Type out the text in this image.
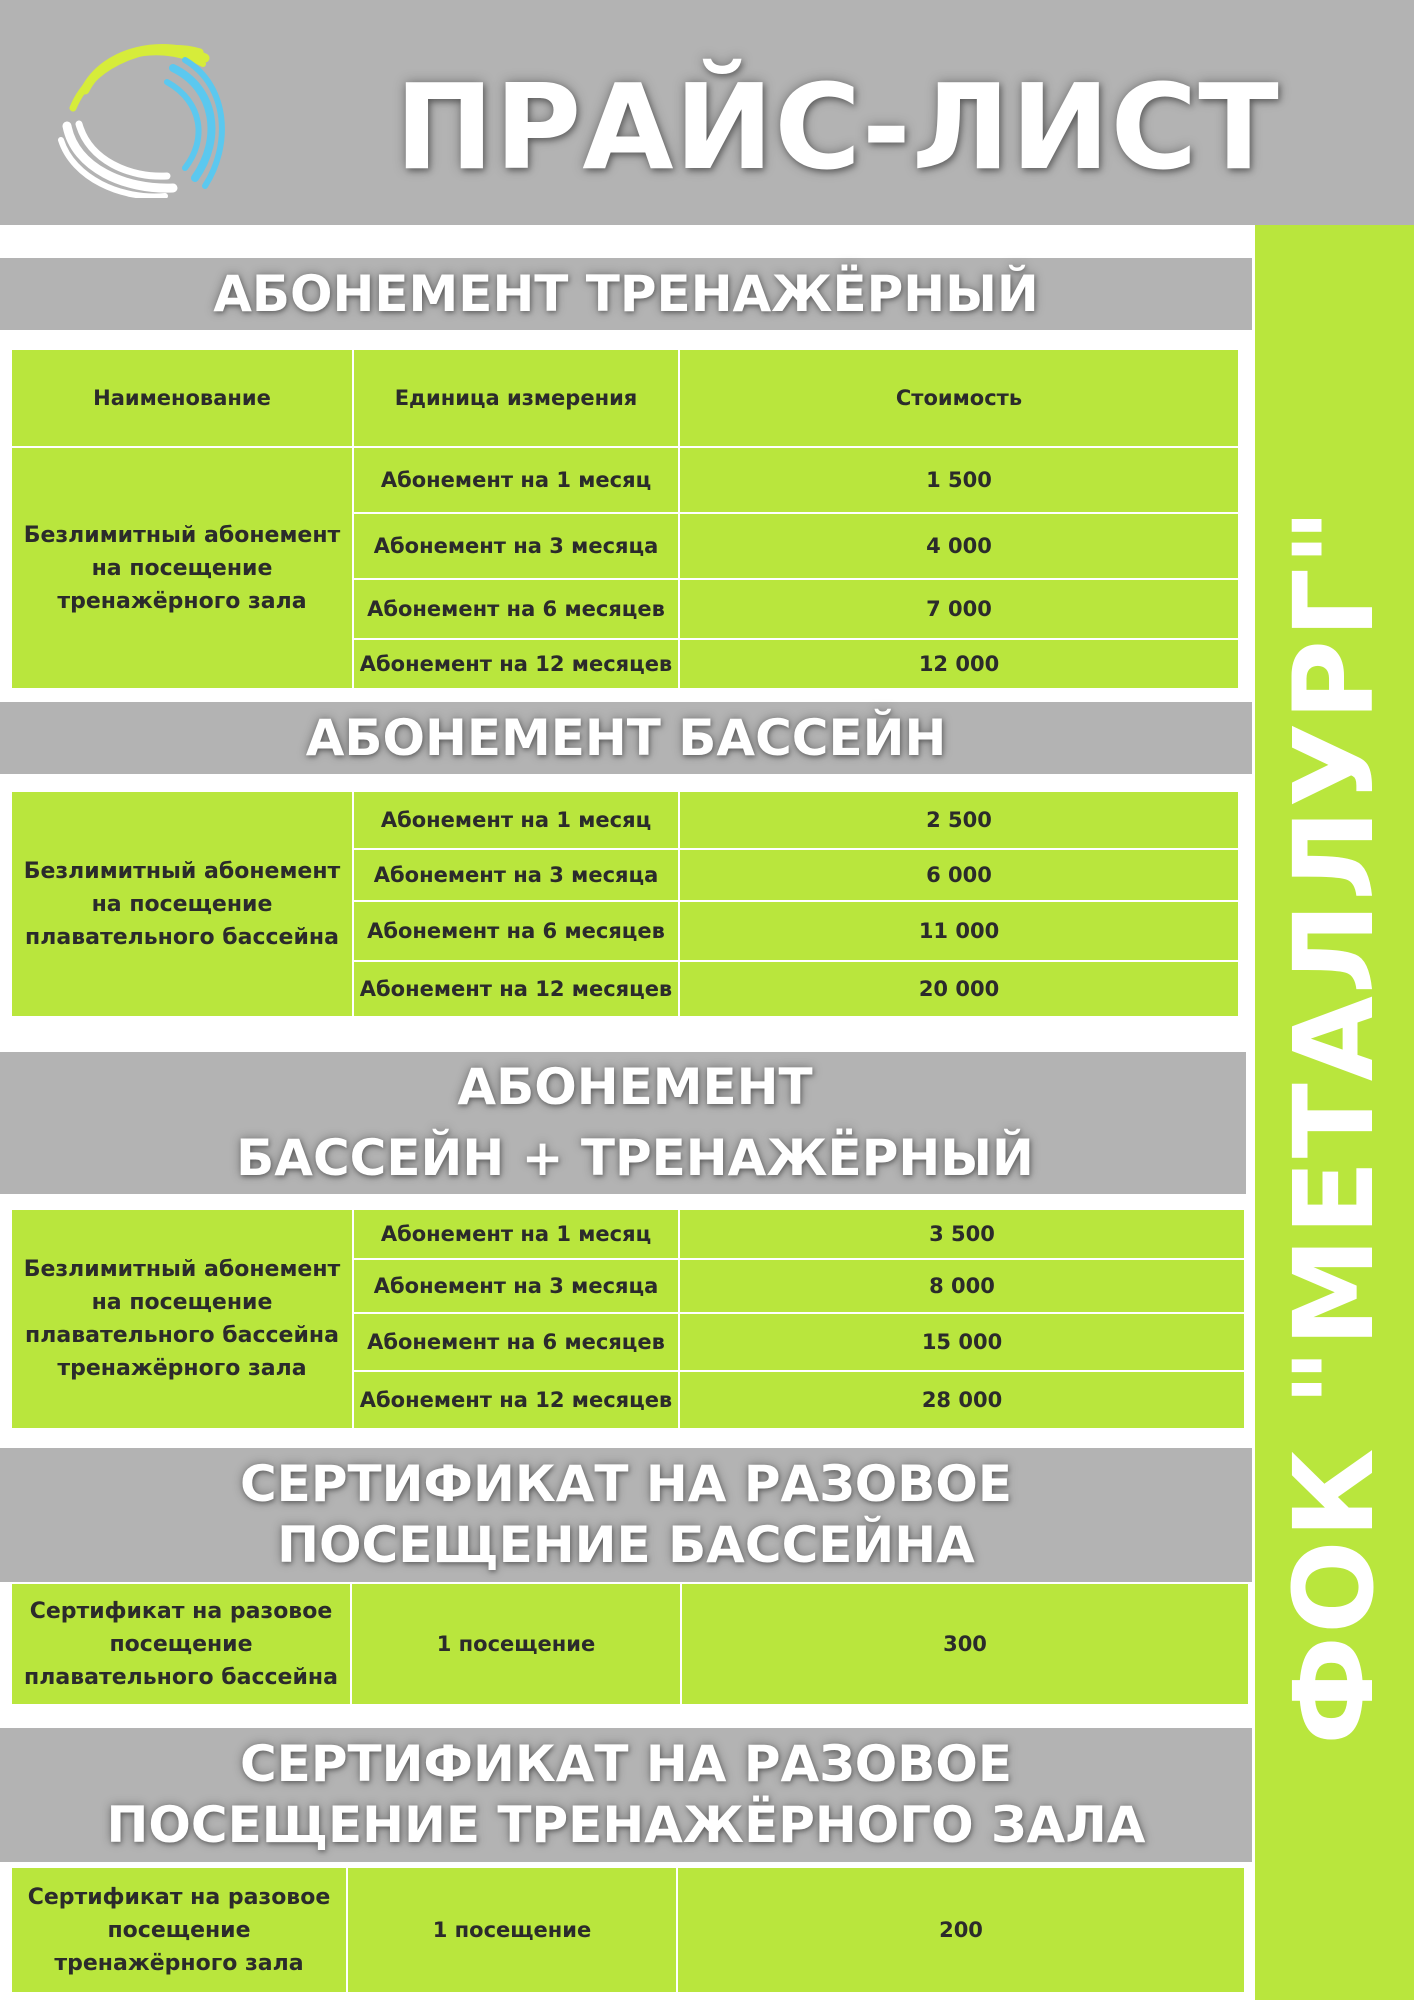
ПРАЙС-ЛИСТ
ФОК "МЕТАЛЛУРГ"
АБОНЕМЕНТ ТРЕНАЖЁРНЫЙ
Наименование	Единица измерения	Стоимость
Безлимитный абонемент на посещение тренажёрного зала
Абонемент на 1 месяц	1 500
Абонемент на 3 месяца	4 000
Абонемент на 6 месяцев	7 000
Абонемент на 12 месяцев	12 000
АБОНЕМЕНТ БАССЕЙН
Безлимитный абонемент на посещение плавательного бассейна
Абонемент на 1 месяц	2 500
Абонемент на 3 месяца	6 000
Абонемент на 6 месяцев	11 000
Абонемент на 12 месяцев	20 000
АБОНЕМЕНТ
БАССЕЙН + ТРЕНАЖЁРНЫЙ
Безлимитный абонемент на посещение плавательного бассейна тренажёрного зала
Абонемент на 1 месяц	3 500
Абонемент на 3 месяца	8 000
Абонемент на 6 месяцев	15 000
Абонемент на 12 месяцев	28 000
СЕРТИФИКАТ НА РАЗОВОЕ
ПОСЕЩЕНИЕ БАССЕЙНА
Сертификат на разовое посещение плавательного бассейна
1 посещение	300
СЕРТИФИКАТ НА РАЗОВОЕ
ПОСЕЩЕНИЕ ТРЕНАЖЁРНОГО ЗАЛА
Сертификат на разовое посещение тренажёрного зала
1 посещение	200
